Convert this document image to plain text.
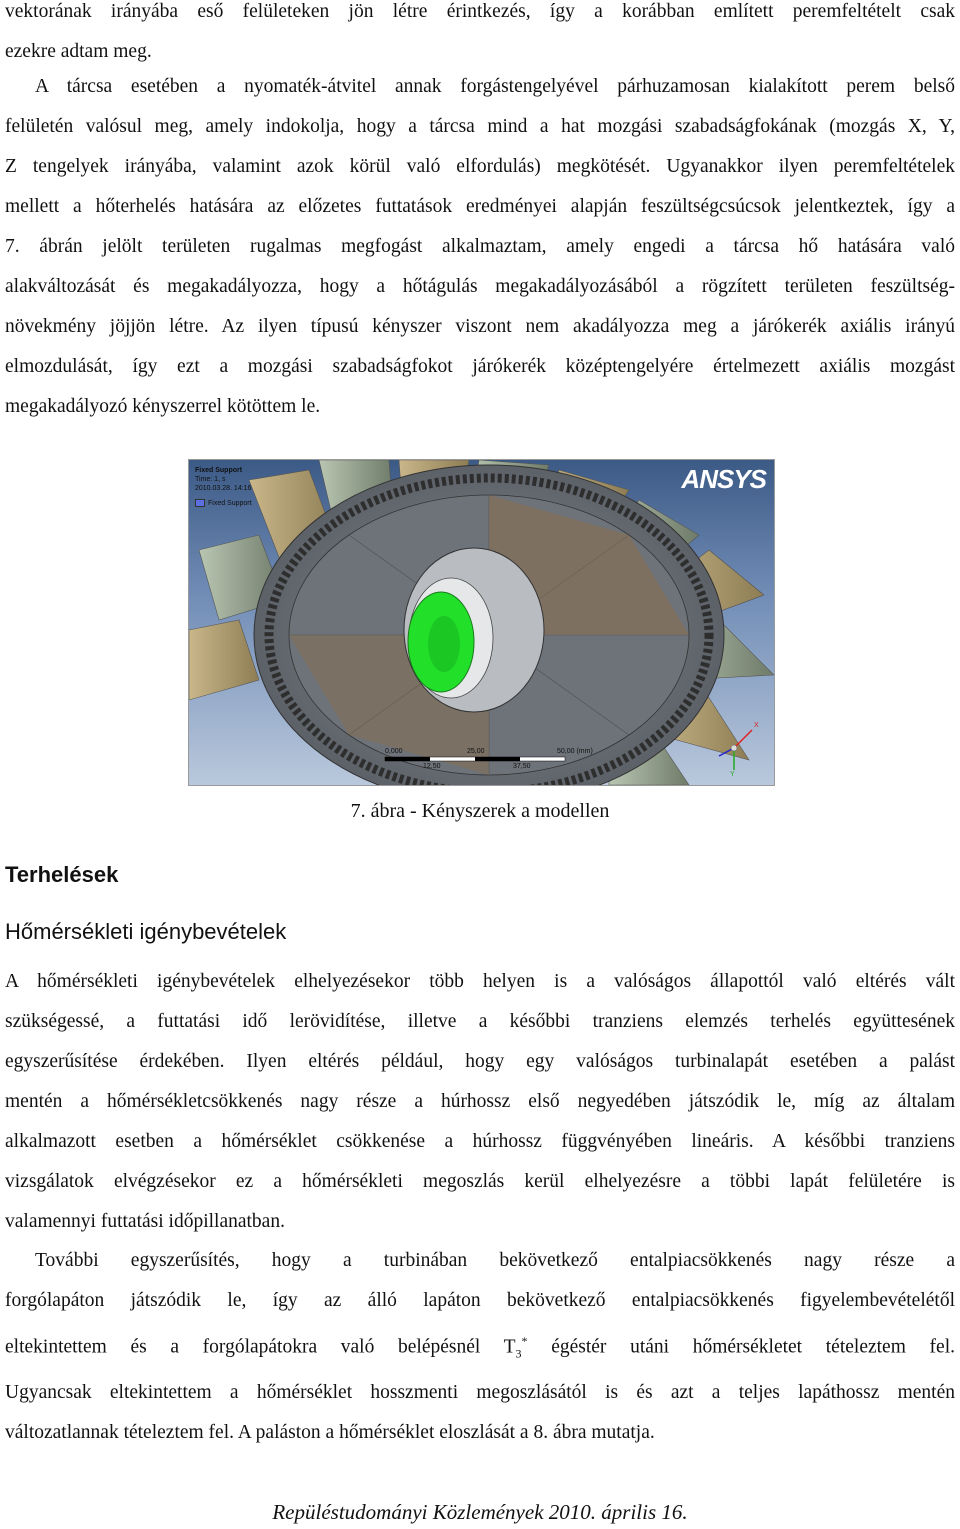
vektorának irányába eső felületeken jön létre érintkezés, így a korábban említett peremfeltételt csak
ezekre adtam meg.
A tárcsa esetében a nyomaték-átvitel annak forgástengelyével párhuzamosan kialakított perem belső
felületén valósul meg, amely indokolja, hogy a tárcsa mind a hat mozgási szabadságfokának (mozgás X, Y,
Z tengelyek irányába, valamint azok körül való elfordulás) megkötését. Ugyanakkor ilyen peremfeltételek
mellett a hőterhelés hatására az előzetes futtatások eredményei alapján feszültségcsúcsok jelentkeztek, így a
7. ábrán jelölt területen rugalmas megfogást alkalmaztam, amely engedi a tárcsa hő hatására való
alakváltozását és megakadályozza, hogy a hőtágulás megakadályozásából a rögzített területen feszültség-
növekmény jöjjön létre. Az ilyen típusú kényszer viszont nem akadályozza meg a járókerék axiális irányú
elmozdulását, így ezt a mozgási szabadságfokot járókerék középtengelyére értelmezett axiális mozgást
megakadályozó kényszerrel kötöttem le.
Fixed Support
Time: 1, s
2010.03.28. 14:16
Fixed Support
ANSYS
0,000	25,00	50,00 (mm)
12,50	37,50
X
Y
7. ábra - Kényszerek a modellen
Terhelések
Hőmérsékleti igénybevételek
A hőmérsékleti igénybevételek elhelyezésekor több helyen is a valóságos állapottól való eltérés vált
szükségessé, a futtatási idő lerövidítése, illetve a későbbi tranziens elemzés terhelés együttesének
egyszerűsítése érdekében. Ilyen eltérés például, hogy egy valóságos turbinalapát esetében a palást
mentén a hőmérsékletcsökkenés nagy része a húrhossz első negyedében játszódik le, míg az általam
alkalmazott esetben a hőmérséklet csökkenése a húrhossz függvényében lineáris. A későbbi tranziens
vizsgálatok elvégzésekor ez a hőmérsékleti megoszlás kerül elhelyezésre a többi lapát felületére is
valamennyi futtatási időpillanatban.
További egyszerűsítés, hogy a turbinában bekövetkező entalpiacsökkenés nagy része a
forgólapáton játszódik le, így az álló lapáton bekövetkező entalpiacsökkenés figyelembevételétől
eltekintettem és a forgólapátokra való belépésnél $T_3^*$ égéstér utáni hőmérsékletet tételeztem fel.
Ugyancsak eltekintettem a hőmérséklet hosszmenti megoszlásától is és azt a teljes lapáthossz mentén
változatlannak tételeztem fel. A paláston a hőmérséklet eloszlását a 8. ábra mutatja.
Repüléstudományi Közlemények 2010. április 16.
